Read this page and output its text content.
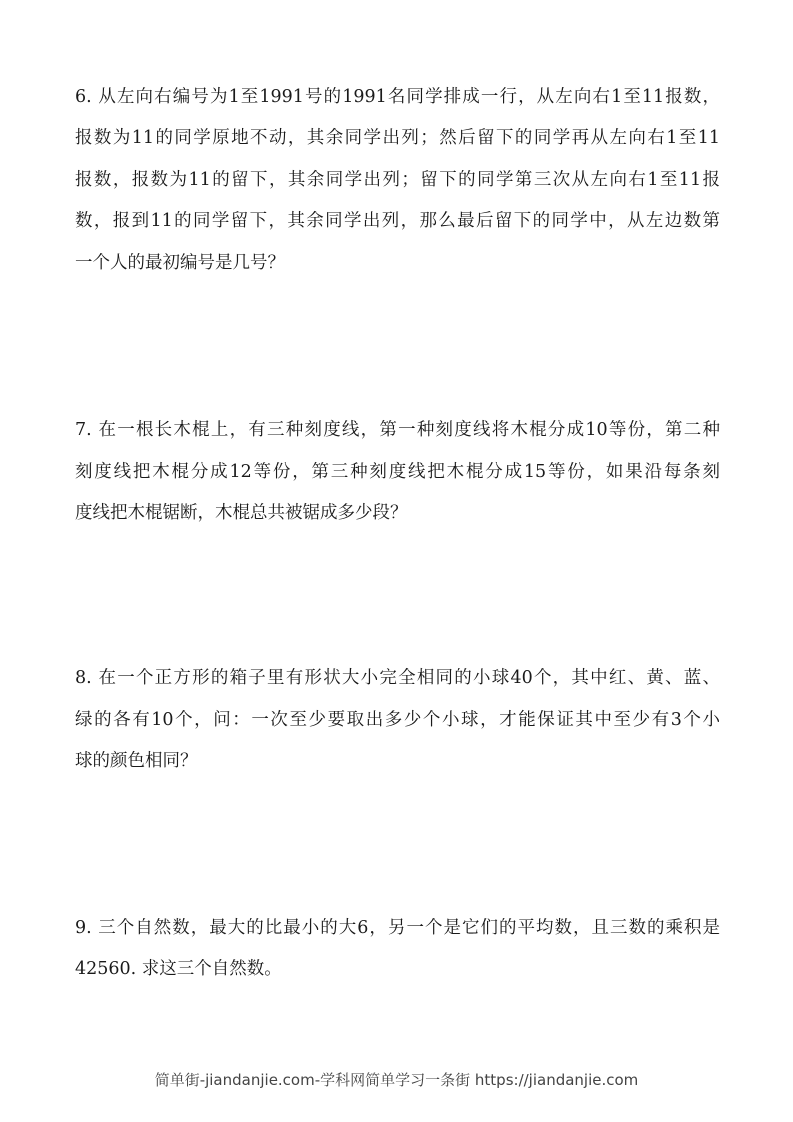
6. 从左向右编号为1至1991号的1991名同学排成一行，从左向右1至11报数，
报数为11的同学原地不动，其余同学出列；然后留下的同学再从左向右1至11
报数，报数为11的留下，其余同学出列；留下的同学第三次从左向右1至11报
数，报到11的同学留下，其余同学出列，那么最后留下的同学中，从左边数第
一个人的最初编号是几号？
7. 在一根长木棍上，有三种刻度线，第一种刻度线将木棍分成10等份，第二种
刻度线把木棍分成12等份，第三种刻度线把木棍分成15等份，如果沿每条刻
度线把木棍锯断，木棍总共被锯成多少段？
8. 在一个正方形的箱子里有形状大小完全相同的小球40个，其中红、黄、蓝、
绿的各有10个，问：一次至少要取出多少个小球，才能保证其中至少有3个小
球的颜色相同？
9. 三个自然数，最大的比最小的大6，另一个是它们的平均数，且三数的乘积是
42560. 求这三个自然数。
简单街-jiandanjie.com-学科网简单学习一条街 https://jiandanjie.com
